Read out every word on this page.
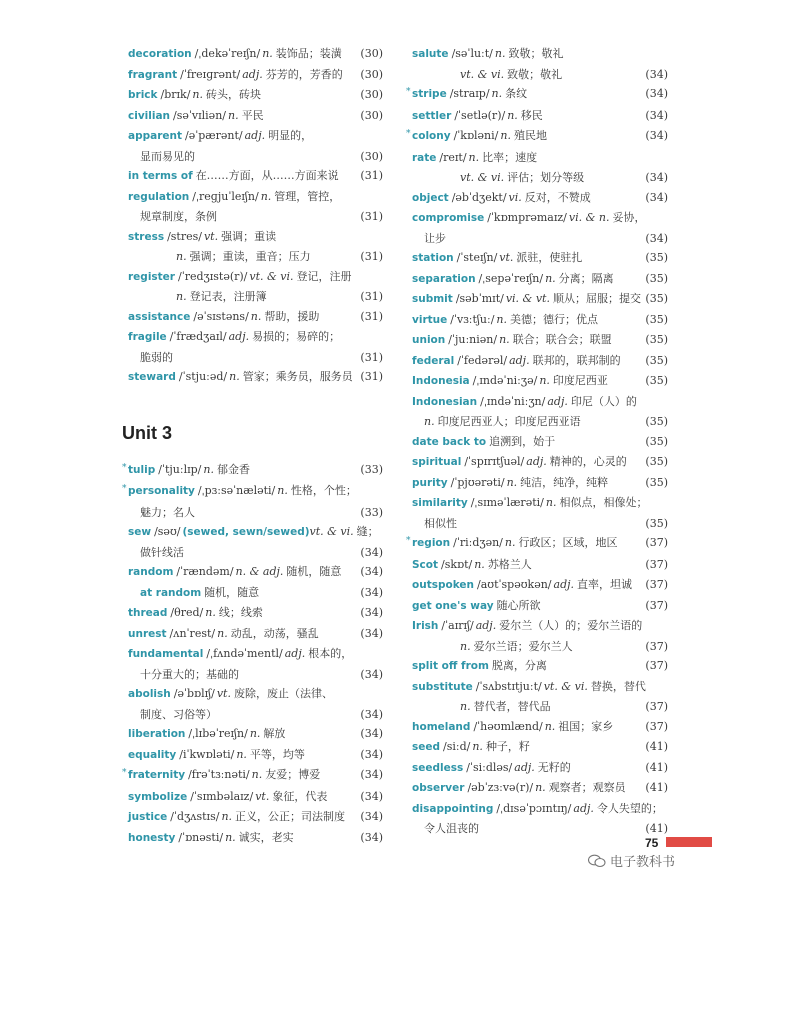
decoration /ˌdekəˈreɪʃn/ n. 装饰品；装潢	(30)
fragrant /ˈfreɪɡrənt/ adj. 芬芳的，芳香的	(30)
brick /brɪk/ n. 砖头，砖块	(30)
civilian /səˈvɪliən/ n. 平民	(30)
apparent /əˈpærənt/ adj. 明显的，
显而易见的	(30)
in terms of 在……方面，从……方面来说	(31)
regulation /ˌreɡjuˈleɪʃn/ n. 管理，管控，
规章制度，条例	(31)
stress /stres/ vt. 强调；重读
n. 强调；重读，重音；压力	(31)
register /ˈredʒɪstə(r)/ vt. & vi. 登记，注册
n. 登记表，注册簿	(31)
assistance /əˈsɪstəns/ n. 帮助，援助	(31)
fragile /ˈfrædʒaɪl/ adj. 易损的；易碎的；
脆弱的	(31)
steward /ˈstjuːəd/ n. 管家；乘务员，服务员 (31)
Unit 3
* tulip /ˈtjuːlɪp/ n. 郁金香	(33)
* personality /ˌpɜːsəˈnæləti/ n. 性格，个性；
魅力；名人	(33)
sew /səʊ/ (sewed, sewn/sewed) vt. & vi. 缝；
做针线活	(34)
random /ˈrændəm/ n. & adj. 随机，随意	(34)
at random 随机，随意	(34)
thread /θred/ n. 线；线索	(34)
unrest /ʌnˈrest/ n. 动乱，动荡，骚乱	(34)
fundamental /ˌfʌndəˈmentl/ adj. 根本的，
十分重大的；基础的	(34)
abolish /əˈbɒlɪʃ/ vt. 废除，废止（法律、
制度、习俗等）	(34)
liberation /ˌlɪbəˈreɪʃn/ n. 解放	(34)
equality /iˈkwɒləti/ n. 平等，均等	(34)
* fraternity /frəˈtɜːnəti/ n. 友爱；博爱	(34)
symbolize /ˈsɪmbəlaɪz/ vt. 象征，代表	(34)
justice /ˈdʒʌstɪs/ n. 正义，公正；司法制度	(34)
honesty /ˈɒnəsti/ n. 诚实，老实	(34)
salute /səˈluːt/ n. 致敬；敬礼
vt. & vi. 致敬；敬礼	(34)
* stripe /straɪp/ n. 条纹	(34)
settler /ˈsetlə(r)/ n. 移民	(34)
* colony /ˈkɒləni/ n. 殖民地	(34)
rate /reɪt/ n. 比率；速度
vt. & vi. 评估；划分等级	(34)
object /əbˈdʒekt/ vi. 反对，不赞成	(34)
compromise /ˈkɒmprəmaɪz/ vi. & n. 妥协，
让步	(34)
station /ˈsteɪʃn/ vt. 派驻，使驻扎	(35)
separation /ˌsepəˈreɪʃn/ n. 分离；隔离	(35)
submit /səbˈmɪt/ vi. & vt. 顺从；屈服；提交 (35)
virtue /ˈvɜːtʃuː/ n. 美德；德行；优点	(35)
union /ˈjuːniən/ n. 联合；联合会；联盟	(35)
federal /ˈfedərəl/ adj. 联邦的，联邦制的	(35)
Indonesia /ˌɪndəˈniːʒə/ n. 印度尼西亚	(35)
Indonesian /ˌɪndəˈniːʒn/ adj. 印尼（人）的
n. 印度尼西亚人；印度尼西亚语	(35)
date back to 追溯到，始于	(35)
spiritual /ˈspɪrɪtʃuəl/ adj. 精神的，心灵的	(35)
purity /ˈpjʊərəti/ n. 纯洁，纯净，纯粹	(35)
similarity /ˌsɪməˈlærəti/ n. 相似点，相像处；
相似性	(35)
* region /ˈriːdʒən/ n. 行政区；区域，地区	(37)
Scot /skɒt/ n. 苏格兰人	(37)
outspoken /aʊtˈspəʊkən/ adj. 直率，坦诚	(37)
get one's way 随心所欲	(37)
Irish /ˈaɪrɪʃ/ adj. 爱尔兰（人）的；爱尔兰语的
n. 爱尔兰语；爱尔兰人	(37)
split off from 脱离，分离	(37)
substitute /ˈsʌbstɪtjuːt/ vt. & vi. 替换，替代
n. 替代者，替代品	(37)
homeland /ˈhəʊmlænd/ n. 祖国；家乡	(37)
seed /siːd/ n. 种子，籽	(41)
seedless /ˈsiːdləs/ adj. 无籽的	(41)
observer /əbˈzɜːvə(r)/ n. 观察者；观察员	(41)
disappointing /ˌdɪsəˈpɔɪntɪŋ/ adj. 令人失望的；
令人沮丧的	(41)
75
电子教科书
